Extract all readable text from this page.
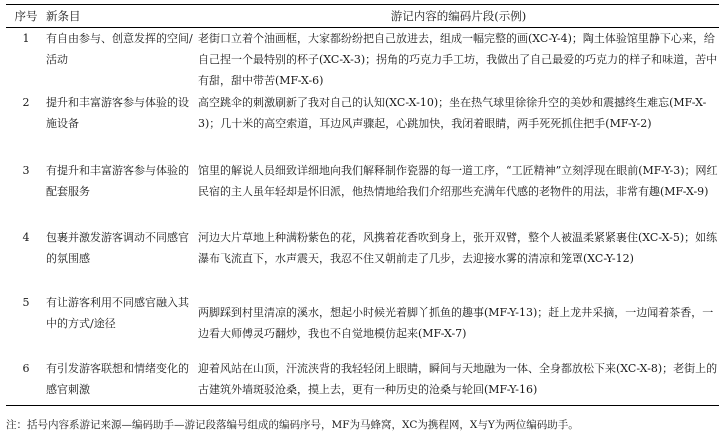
序号	新条目	游记内容的编码片段(示例)
1	有自由参与、创意发挥的空间/活动	老街口立着个油画框，大家都纷纷把自己放进去，组成一幅完整的画(XC-Y-4)；陶土体验馆里静下心来，给自己捏一个最特别的杯子(XC-X-3)；拐角的巧克力手工坊，我做出了自己最爱的巧克力的样子和味道，苦中有甜，甜中带苦(MF-X-6)
2	提升和丰富游客参与体验的设施设备	高空跳伞的刺激刷新了我对自己的认知(XC-X-10)；坐在热气球里徐徐升空的美妙和震撼终生难忘(MF-X-3)；几十米的高空索道，耳边风声骤起，心跳加快，我闭着眼睛，两手死死抓住把手(MF-Y-2)
3	有提升和丰富游客参与体验的配套服务	馆里的解说人员细致详细地向我们解释制作瓷器的每一道工序，“工匠精神”立刻浮现在眼前(MF-Y-3)；网红民宿的主人虽年轻却是怀旧派，他热情地给我们介绍那些充满年代感的老物件的用法，非常有趣(MF-X-9)
4	包裹并激发游客调动不同感官的氛围感	河边大片草地上种满粉紫色的花，风携着花香吹到身上，张开双臂，整个人被温柔紧紧裹住(XC-X-5)；如练瀑布飞流直下，水声震天，我忍不住又朝前走了几步，去迎接水雾的清凉和笼罩(XC-Y-12)
5	有让游客利用不同感官融入其中的方式/途径	两脚踩到村里清凉的溪水，想起小时候光着脚丫抓鱼的趣事(MF-Y-13)；赶上龙井采摘，一边闻着茶香，一边看大师傅灵巧翻炒，我也不自觉地模仿起来(MF-X-7)
6	有引发游客联想和情绪变化的感官刺激	迎着风站在山顶，汗流浃背的我轻轻闭上眼睛，瞬间与天地融为一体、全身都放松下来(XC-X-8)；老街上的古建筑外墙斑驳沧桑，摸上去，更有一种历史的沧桑与轮回(MF-Y-16)
注：括号内容系游记来源—编码助手—游记段落编号组成的编码序号，MF为马蜂窝，XC为携程网，X与Y为两位编码助手。
